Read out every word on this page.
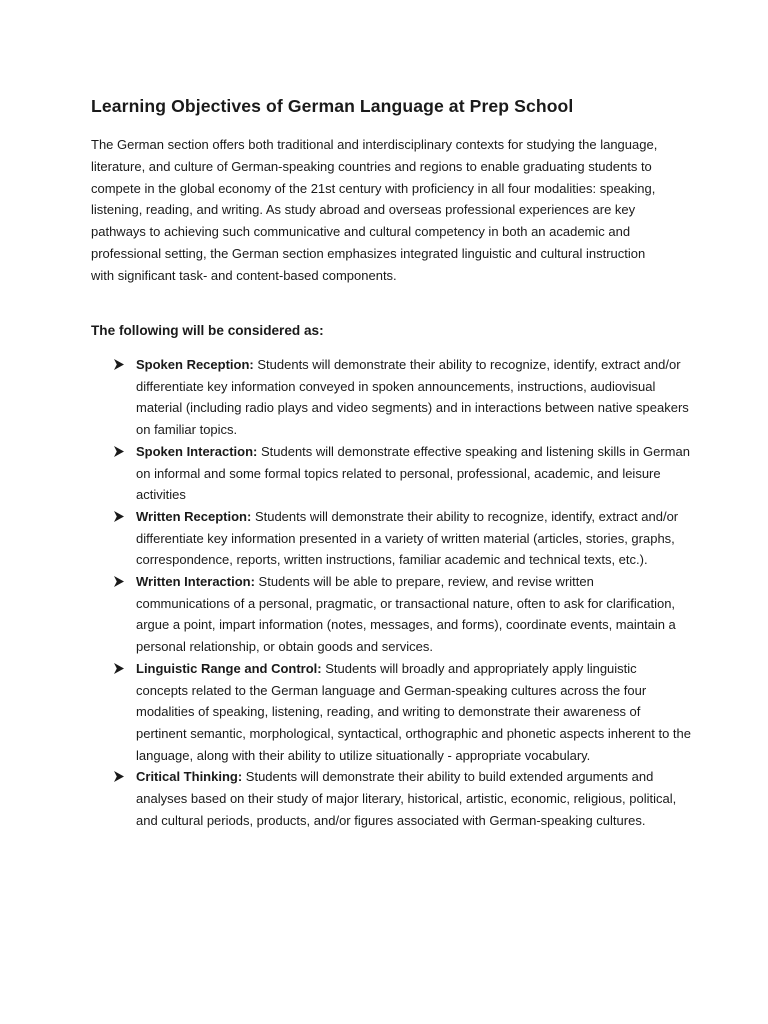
Learning Objectives of German Language at Prep School

The German section offers both traditional and interdisciplinary contexts for studying the language, literature, and culture of German-speaking countries and regions to enable graduating students to compete in the global economy of the 21st century with proficiency in all four modalities: speaking, listening, reading, and writing. As study abroad and overseas professional experiences are key pathways to achieving such communicative and cultural competency in both an academic and professional setting, the German section emphasizes integrated linguistic and cultural instruction with significant task- and content-based components.

The following will be considered as:

Spoken Reception: Students will demonstrate their ability to recognize, identify, extract and/or differentiate key information conveyed in spoken announcements, instructions, audiovisual material (including radio plays and video segments) and in interactions between native speakers on familiar topics.
Spoken Interaction: Students will demonstrate effective speaking and listening skills in German on informal and some formal topics related to personal, professional, academic, and leisure activities
Written Reception: Students will demonstrate their ability to recognize, identify, extract and/or differentiate key information presented in a variety of written material (articles, stories, graphs, correspondence, reports, written instructions, familiar academic and technical texts, etc.).
Written Interaction: Students will be able to prepare, review, and revise written communications of a personal, pragmatic, or transactional nature, often to ask for clarification, argue a point, impart information (notes, messages, and forms), coordinate events, maintain a personal relationship, or obtain goods and services.
Linguistic Range and Control: Students will broadly and appropriately apply linguistic concepts related to the German language and German-speaking cultures across the four modalities of speaking, listening, reading, and writing to demonstrate their awareness of pertinent semantic, morphological, syntactical, orthographic and phonetic aspects inherent to the language, along with their ability to utilize situationally - appropriate vocabulary.
Critical Thinking: Students will demonstrate their ability to build extended arguments and analyses based on their study of major literary, historical, artistic, economic, religious, political, and cultural periods, products, and/or figures associated with German-speaking cultures.
